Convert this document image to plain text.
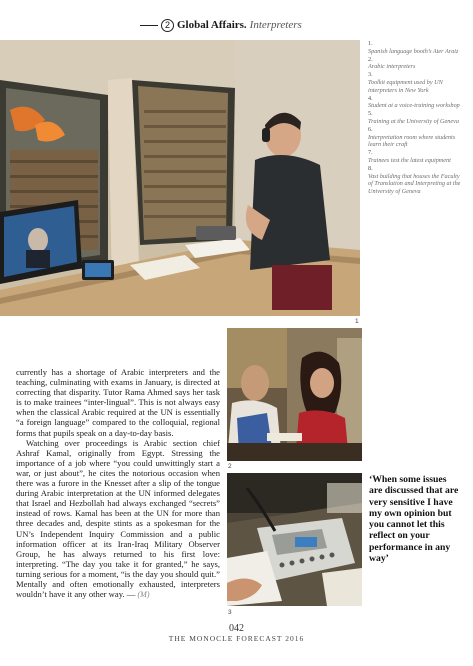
2 Global Affairs. Interpreters
1
1.
Spanish language booth’s Ater Araiz
2.
Arabic interpreters
3.
Toolkit equipment used by UN interpreters in New York
4.
Student at a voice-training workshop
5.
Training at the University of Geneva
6.
Interpretation room where students learn their craft
7.
Trainees test the latest equipment
8.
Vast building that houses the Faculty of Translation and Interpreting at the University of Geneva
2
3

currently has a shortage of Arabic interpreters and the teaching, culminating with exams in January, is directed at correcting that disparity. Tutor Rama Ahmed says her task is to make trainees “inter-lingual”. This is not always easy when the classical Arabic required at the UN is essentially “a foreign language” compared to the colloquial, regional forms that pupils speak on a day-to-day basis.

Watching over proceedings is Arabic section chief Ashraf Kamal, originally from Egypt. Stressing the importance of a job where “you could unwittingly start a war, or just about”, he cites the notorious occasion when there was a furore in the Knesset after a slip of the tongue during Arabic interpretation at the UN informed delegates that Israel and Hezbollah had always exchanged “secrets” instead of rows. Kamal has been at the UN for more than three decades and, despite stints as a spokesman for the UN’s Independent Inquiry Commission and a public information officer at its Iran-Iraq Military Observer Group, he has always returned to his first love: interpreting. “The day you take it for granted,” he says, turning serious for a moment, “is the day you should quit.” Mentally and often emotionally exhausted, interpreters wouldn’t have it any other way. — (M)

‘When some issues are discussed that are very sensitive I have my own opinion but you cannot let this reflect on your performance in any way’
042
THE MONOCLE FORECAST 2016
